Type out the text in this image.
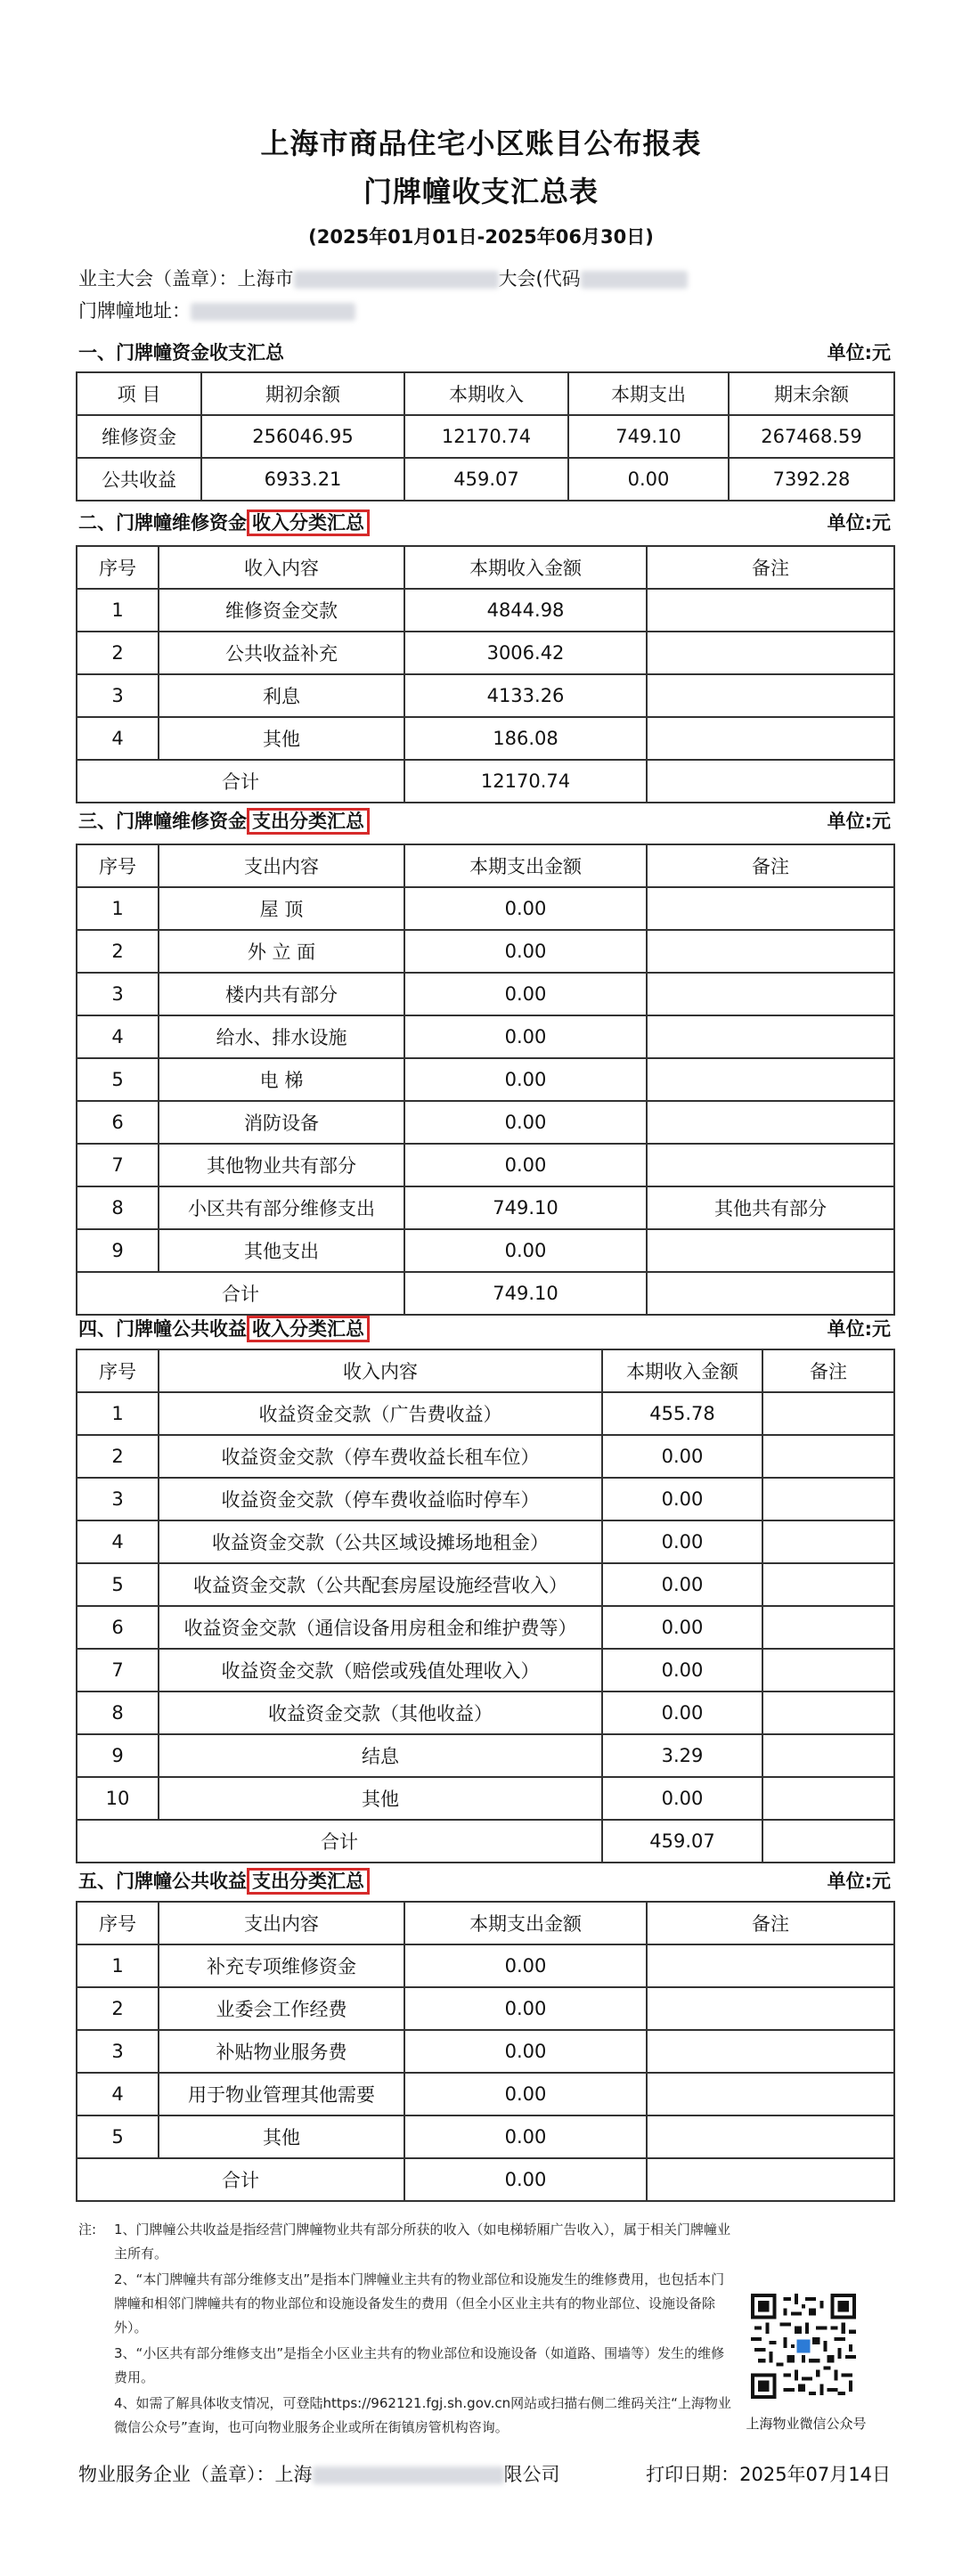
上海市商品住宅小区账目公布报表
门牌幢收支汇总表
(2025年01月01日-2025年06月30日)
业主大会（盖章）：上海市	大会(代码
门牌幢地址：
一、门牌幢资金收支汇总	单位:元
项 目	期初余额	本期收入	本期支出	期末余额
维修资金	256046.95	12170.74	749.10	267468.59
公共收益	6933.21	459.07	0.00	7392.28
二、门牌幢维修资金 收入分类汇总	单位:元
序号	收入内容	本期收入金额	备注
1	维修资金交款	4844.98	
2	公共收益补充	3006.42	
3	利息	4133.26	
4	其他	186.08	
合计		12170.74	
三、门牌幢维修资金 支出分类汇总	单位:元
序号	支出内容	本期支出金额	备注
1	屋 顶	0.00	
2	外 立 面	0.00	
3	楼内共有部分	0.00	
4	给水、排水设施	0.00	
5	电 梯	0.00	
6	消防设备	0.00	
7	其他物业共有部分	0.00	
8	小区共有部分维修支出	749.10	其他共有部分
9	其他支出	0.00	
合计		749.10	
四、门牌幢公共收益 收入分类汇总	单位:元
序号	收入内容	本期收入金额	备注
1	收益资金交款（广告费收益）	455.78	
2	收益资金交款（停车费收益长租车位）	0.00	
3	收益资金交款（停车费收益临时停车）	0.00	
4	收益资金交款（公共区域设摊场地租金）	0.00	
5	收益资金交款（公共配套房屋设施经营收入）	0.00	
6	收益资金交款（通信设备用房租金和维护费等）	0.00	
7	收益资金交款（赔偿或残值处理收入）	0.00	
8	收益资金交款（其他收益）	0.00	
9	结息	3.29	
10	其他	0.00	
合计		459.07	
五、门牌幢公共收益 支出分类汇总	单位:元
序号	支出内容	本期支出金额	备注
1	补充专项维修资金	0.00	
2	业委会工作经费	0.00	
3	补贴物业服务费	0.00	
4	用于物业管理其他需要	0.00	
5	其他	0.00	
合计		0.00	
注:	1、门牌幢公共收益是指经营门牌幢物业共有部分所获的收入（如电梯轿厢广告收入），属于相关门牌幢业主所有。

2、“本门牌幢共有部分维修支出”是指本门牌幢业主共有的物业部位和设施发生的维修费用，也包括本门牌幢和相邻门牌幢共有的物业部位和设施设备发生的费用（但全小区业主共有的物业部位、设施设备除外）。

3、“小区共有部分维修支出”是指全小区业主共有的物业部位和设施设备（如道路、围墙等）发生的维修费用。

4、如需了解具体收支情况，可登陆https://962121.fgj.sh.gov.cn网站或扫描右侧二维码关注“上海物业微信公众号”查询，也可向物业服务企业或所在街镇房管机构咨询。	上海物业微信公众号
物业服务企业（盖章）：上海	限公司	打印日期：2025年07月14日
